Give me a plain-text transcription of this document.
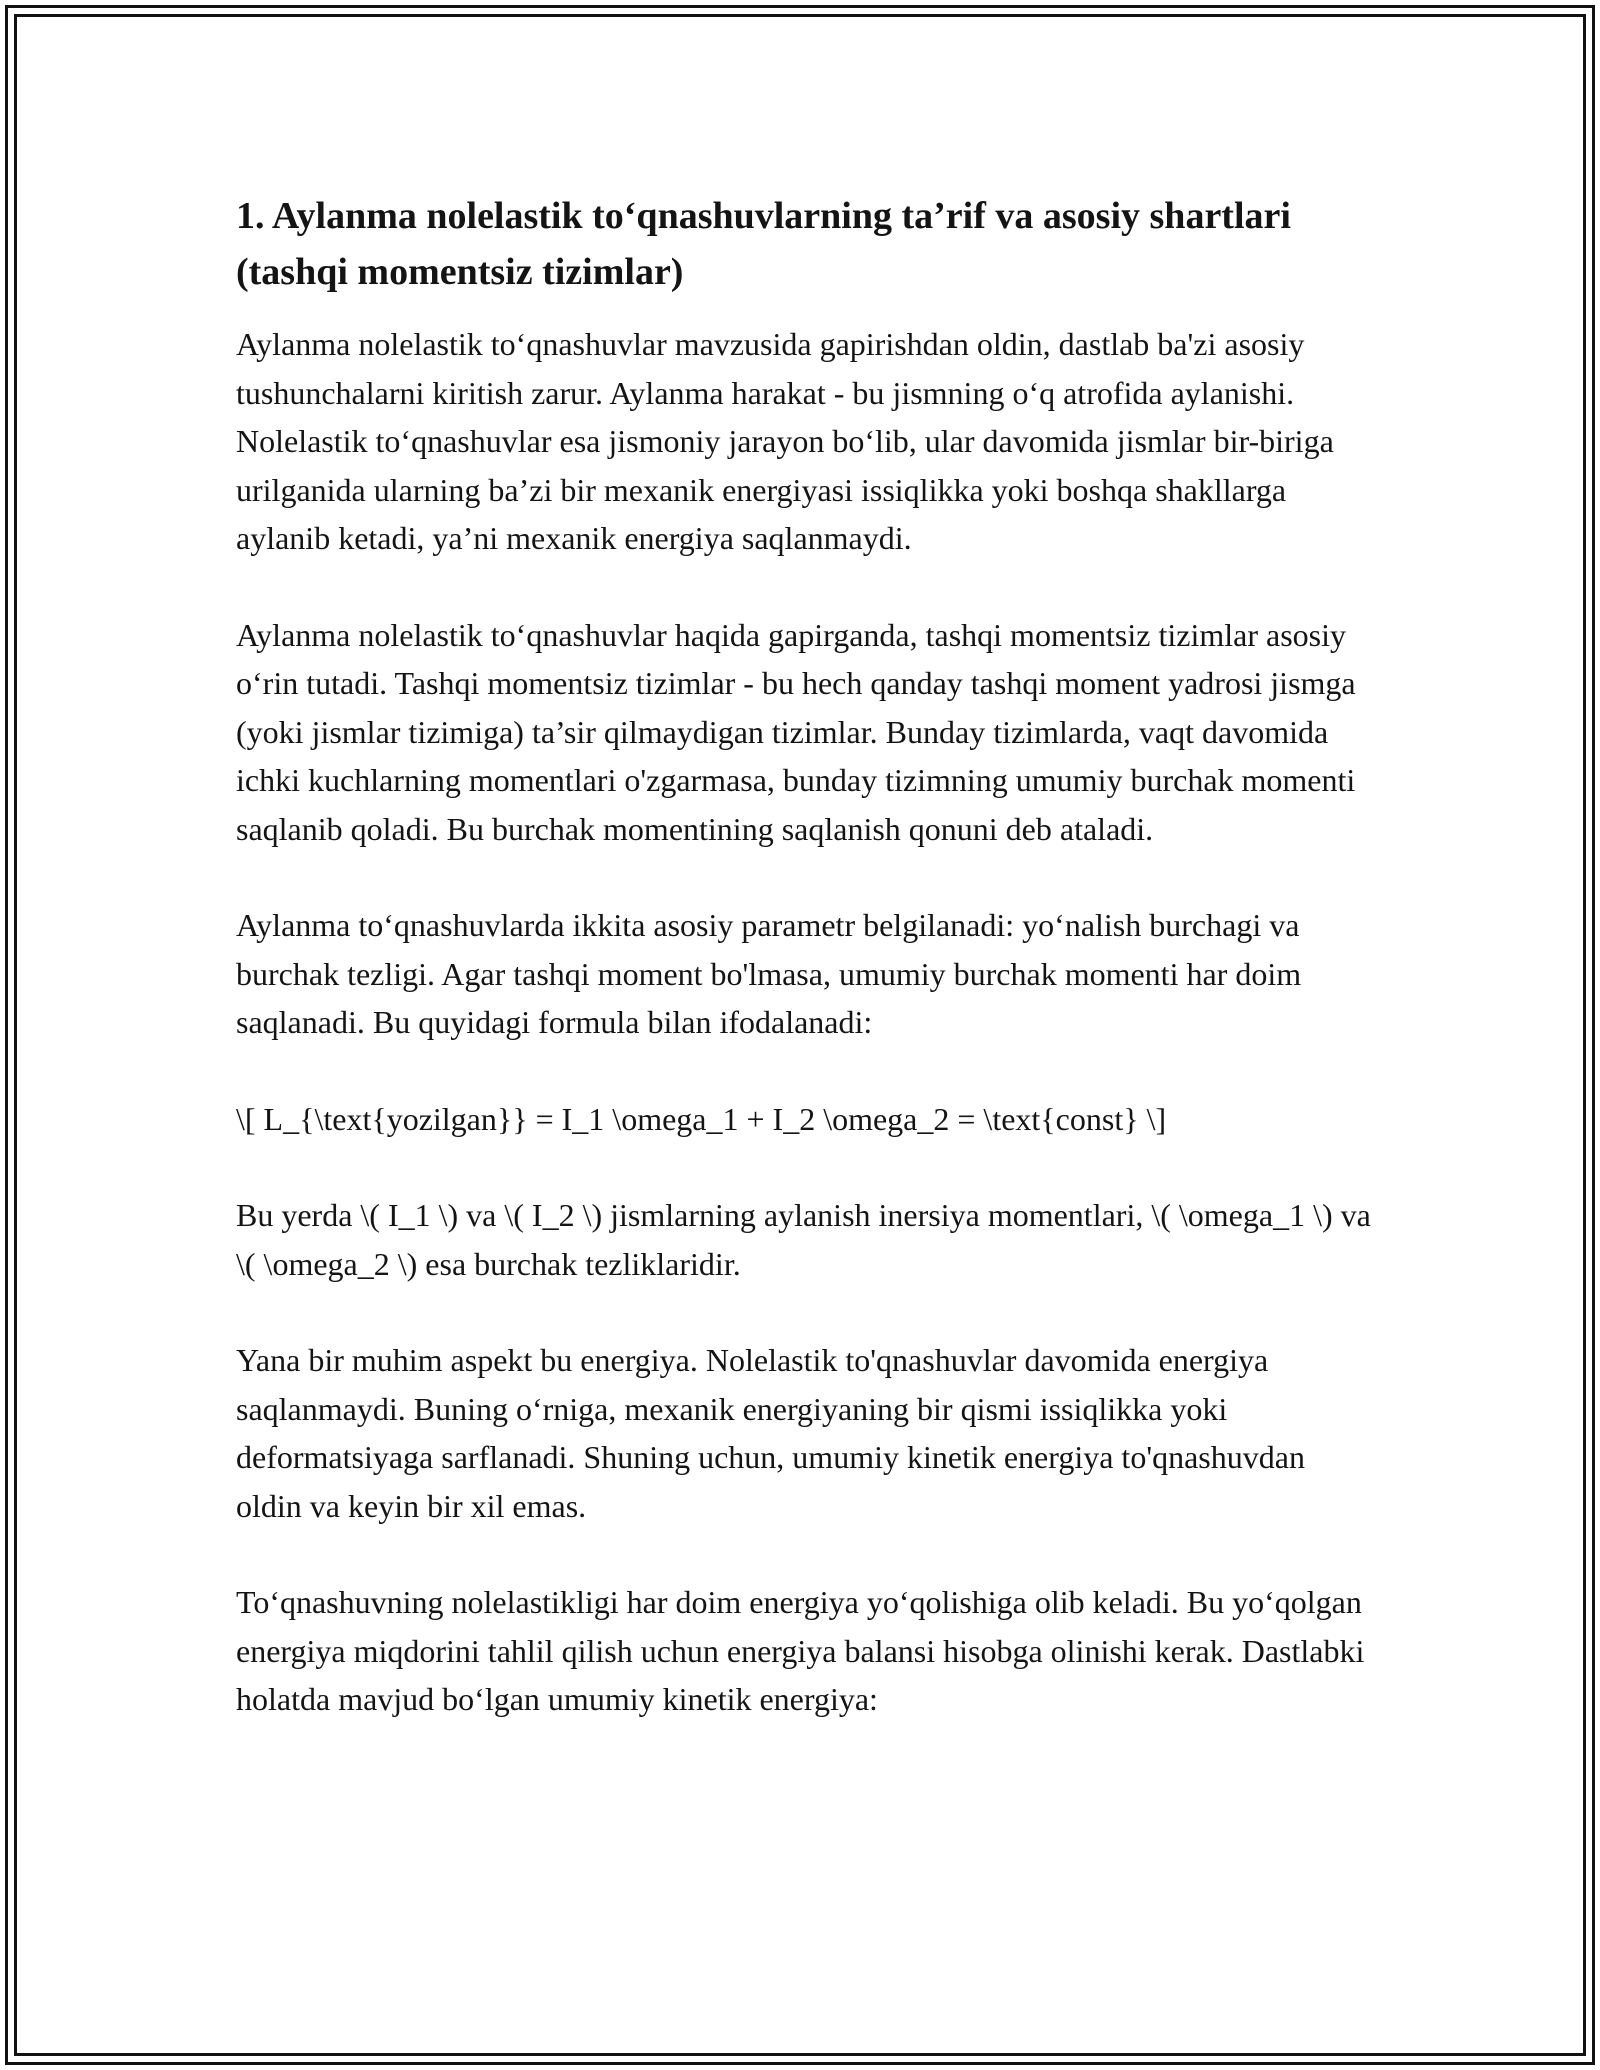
1. Aylanma nolelastik to‘qnashuvlarning ta’rif va asosiy shartlari (tashqi momentsiz tizimlar)

Aylanma nolelastik to‘qnashuvlar mavzusida gapirishdan oldin, dastlab ba'zi asosiy tushunchalarni kiritish zarur. Aylanma harakat - bu jismning o‘q atrofida aylanishi. Nolelastik to‘qnashuvlar esa jismoniy jarayon bo‘lib, ular davomida jismlar bir-biriga urilganida ularning ba’zi bir mexanik energiyasi issiqlikka yoki boshqa shakllarga aylanib ketadi, ya’ni mexanik energiya saqlanmaydi.

Aylanma nolelastik to‘qnashuvlar haqida gapirganda, tashqi momentsiz tizimlar asosiy o‘rin tutadi. Tashqi momentsiz tizimlar - bu hech qanday tashqi moment yadrosi jismga (yoki jismlar tizimiga) ta’sir qilmaydigan tizimlar. Bunday tizimlarda, vaqt davomida ichki kuchlarning momentlari o'zgarmasa, bunday tizimning umumiy burchak momenti saqlanib qoladi. Bu burchak momentining saqlanish qonuni deb ataladi.

Aylanma to‘qnashuvlarda ikkita asosiy parametr belgilanadi: yo‘nalish burchagi va burchak tezligi. Agar tashqi moment bo'lmasa, umumiy burchak momenti har doim saqlanadi. Bu quyidagi formula bilan ifodalanadi:

\[ L_{\text{yozilgan}} = I_1 \omega_1 + I_2 \omega_2 = \text{const} \]

Bu yerda \( I_1 \) va \( I_2 \) jismlarning aylanish inersiya momentlari, \( \omega_1 \) va \( \omega_2 \) esa burchak tezliklaridir.

Yana bir muhim aspekt bu energiya. Nolelastik to'qnashuvlar davomida energiya saqlanmaydi. Buning o‘rniga, mexanik energiyaning bir qismi issiqlikka yoki deformatsiyaga sarflanadi. Shuning uchun, umumiy kinetik energiya to'qnashuvdan oldin va keyin bir xil emas.

To‘qnashuvning nolelastikligi har doim energiya yo‘qolishiga olib keladi. Bu yo‘qolgan energiya miqdorini tahlil qilish uchun energiya balansi hisobga olinishi kerak. Dastlabki holatda mavjud bo‘lgan umumiy kinetik energiya:
